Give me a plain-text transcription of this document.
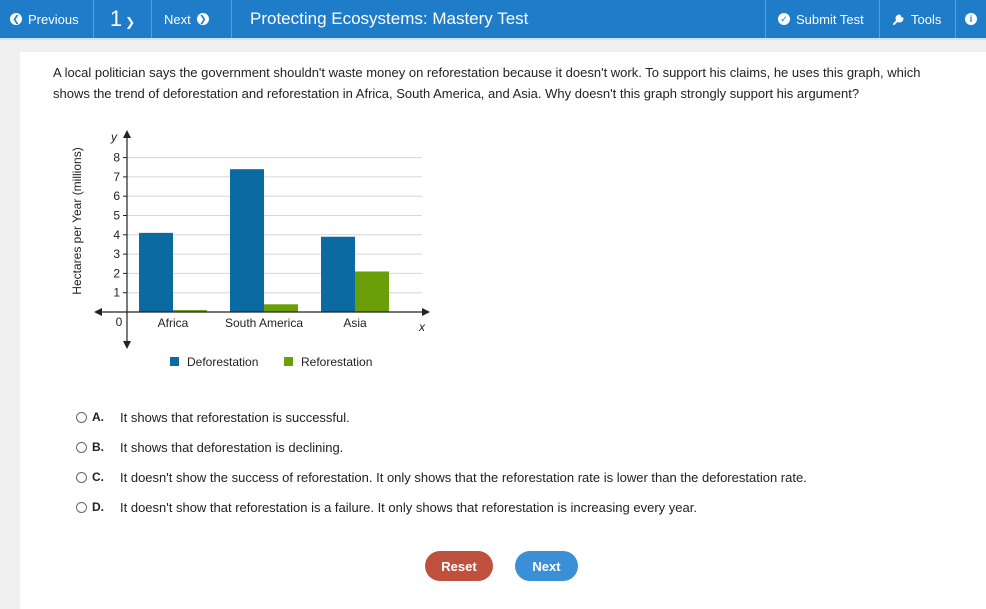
❮ Previous 1 ❯ Next ❯	Protecting Ecosystems: Mastery Test	✓ Submit Test	Tools	i

A local politician says the government shouldn't waste money on reforestation because it doesn't work. To support his claims, he uses this graph, which shows the trend of deforestation and reforestation in Africa, South America, and Asia. Why doesn't this graph strongly support his argument?

y
x
0
Hectares per Year (millions) 1
2
3
4
5
6
7
8
Africa	South America	Asia
Deforestation	Reforestation
A.	It shows that reforestation is successful.
B.	It shows that deforestation is declining.
C.	It doesn't show the success of reforestation. It only shows that the reforestation rate is lower than the deforestation rate.
D.	It doesn't show that reforestation is a failure. It only shows that reforestation is increasing every year.
Reset	Next
